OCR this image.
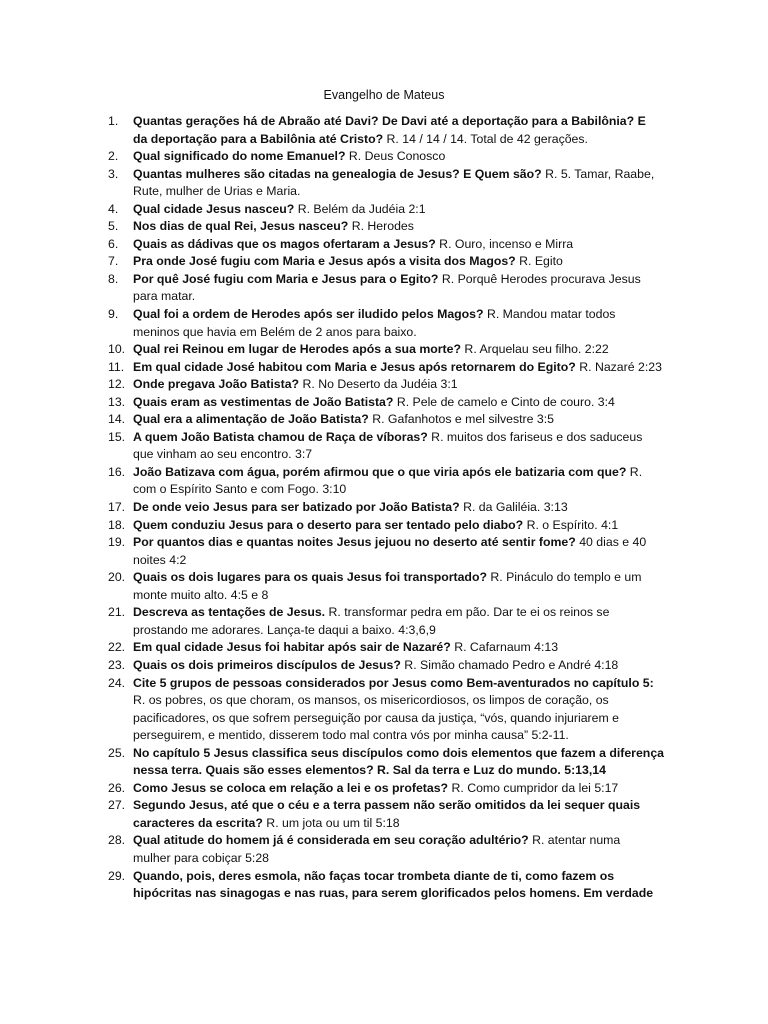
Evangelho de Mateus
1. Quantas gerações há de Abraão até Davi? De Davi até a deportação para a Babilônia? E
da deportação para a Babilônia até Cristo? R. 14 / 14 / 14. Total de 42 gerações.
2. Qual significado do nome Emanuel? R. Deus Conosco
3. Quantas mulheres são citadas na genealogia de Jesus? E Quem são? R. 5. Tamar, Raabe,
Rute, mulher de Urias e Maria.
4. Qual cidade Jesus nasceu? R. Belém da Judéia 2:1
5. Nos dias de qual Rei, Jesus nasceu? R. Herodes
6. Quais as dádivas que os magos ofertaram a Jesus? R. Ouro, incenso e Mirra
7. Pra onde José fugiu com Maria e Jesus após a visita dos Magos? R. Egito
8. Por quê José fugiu com Maria e Jesus para o Egito? R. Porquê Herodes procurava Jesus
para matar.
9. Qual foi a ordem de Herodes após ser iludido pelos Magos? R. Mandou matar todos
meninos que havia em Belém de 2 anos para baixo.
10. Qual rei Reinou em lugar de Herodes após a sua morte? R. Arquelau seu filho. 2:22
11. Em qual cidade José habitou com Maria e Jesus após retornarem do Egito? R. Nazaré 2:23
12. Onde pregava João Batista? R. No Deserto da Judéia 3:1
13. Quais eram as vestimentas de João Batista? R. Pele de camelo e Cinto de couro. 3:4
14. Qual era a alimentação de João Batista? R. Gafanhotos e mel silvestre 3:5
15. A quem João Batista chamou de Raça de víboras? R. muitos dos fariseus e dos saduceus
que vinham ao seu encontro. 3:7
16. João Batizava com água, porém afirmou que o que viria após ele batizaria com que? R.
com o Espírito Santo e com Fogo. 3:10
17. De onde veio Jesus para ser batizado por João Batista? R. da Galiléia. 3:13
18. Quem conduziu Jesus para o deserto para ser tentado pelo diabo? R. o Espírito. 4:1
19. Por quantos dias e quantas noites Jesus jejuou no deserto até sentir fome? 40 dias e 40
noites 4:2
20. Quais os dois lugares para os quais Jesus foi transportado? R. Pináculo do templo e um
monte muito alto. 4:5 e 8
21. Descreva as tentações de Jesus. R. transformar pedra em pão. Dar te ei os reinos se
prostando me adorares. Lança-te daqui a baixo. 4:3,6,9
22. Em qual cidade Jesus foi habitar após sair de Nazaré? R. Cafarnaum 4:13
23. Quais os dois primeiros discípulos de Jesus? R. Simão chamado Pedro e André 4:18
24. Cite 5 grupos de pessoas considerados por Jesus como Bem-aventurados no capítulo 5:
R. os pobres, os que choram, os mansos, os misericordiosos, os limpos de coração, os
pacificadores, os que sofrem perseguição por causa da justiça, “vós, quando injuriarem e
perseguirem, e mentido, disserem todo mal contra vós por minha causa” 5:2-11.
25. No capítulo 5 Jesus classifica seus discípulos como dois elementos que fazem a diferença
nessa terra. Quais são esses elementos? R. Sal da terra e Luz do mundo. 5:13,14
26. Como Jesus se coloca em relação a lei e os profetas? R. Como cumpridor da lei 5:17
27. Segundo Jesus, até que o céu e a terra passem não serão omitidos da lei sequer quais
caracteres da escrita? R. um jota ou um til 5:18
28. Qual atitude do homem já é considerada em seu coração adultério? R. atentar numa
mulher para cobiçar 5:28
29. Quando, pois, deres esmola, não faças tocar trombeta diante de ti, como fazem os
hipócritas nas sinagogas e nas ruas, para serem glorificados pelos homens. Em verdade
